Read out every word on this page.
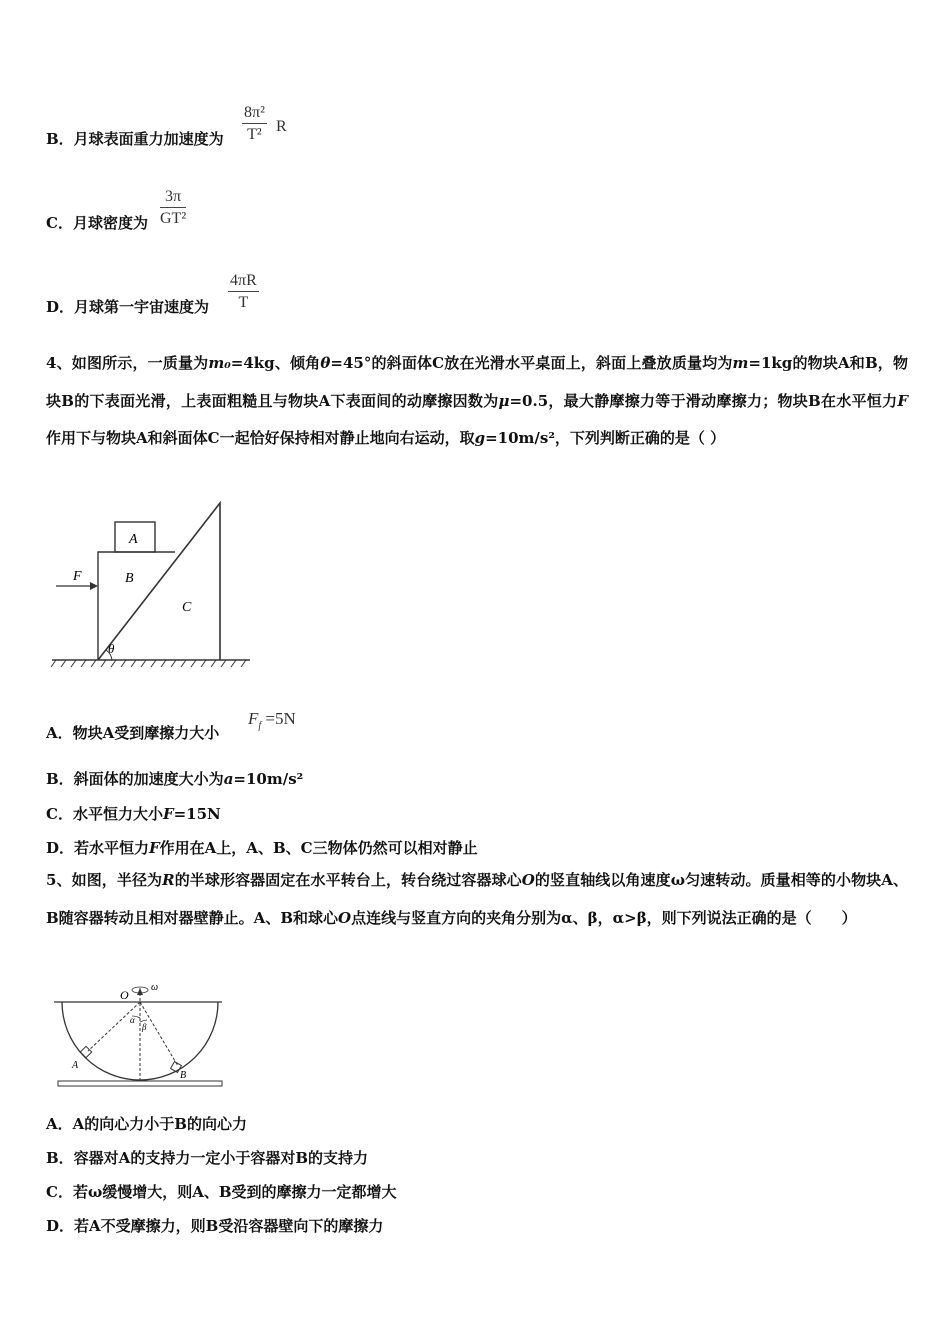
B．月球表面重力加速度为 $\frac{\text{8π²}}{\text{T²}}$ R
C．月球密度为 $\frac{3\pi}{\text{GT²}}$
D．月球第一宇宙速度为 $\frac{4\pi R}{T}$
4、如图所示，一质量为m₀=4kg、倾角θ=45°的斜面体C放在光滑水平桌面上，斜面上叠放质量均为m=1kg的物块A和B，物块B的下表面光滑，上表面粗糙且与物块A下表面间的动摩擦因数为μ=0.5，最大静摩擦力等于滑动摩擦力；物块B在水平恒力F作用下与物块A和斜面体C一起恰好保持相对静止地向右运动，取g=10m/s²，下列判断正确的是（ ）
A
B
C
F
θ
A．物块A受到摩擦力大小
$F_f =5N$
B．斜面体的加速度大小为a=10m/s²
C．水平恒力大小F=15N
D．若水平恒力F作用在A上，A、B、C三物体仍然可以相对静止
5、如图，半径为R的半球形容器固定在水平转台上，转台绕过容器球心O的竖直轴线以角速度ω匀速转动。质量相等的小物块A、B随容器转动且相对器壁静止。A、B和球心O点连线与竖直方向的夹角分别为α、β，α>β，则下列说法正确的是（　　）
O
ω
α
β
A
B
A．A的向心力小于B的向心力
B．容器对A的支持力一定小于容器对B的支持力
C．若ω缓慢增大，则A、B受到的摩擦力一定都增大
D．若A不受摩擦力，则B受沿容器壁向下的摩擦力
